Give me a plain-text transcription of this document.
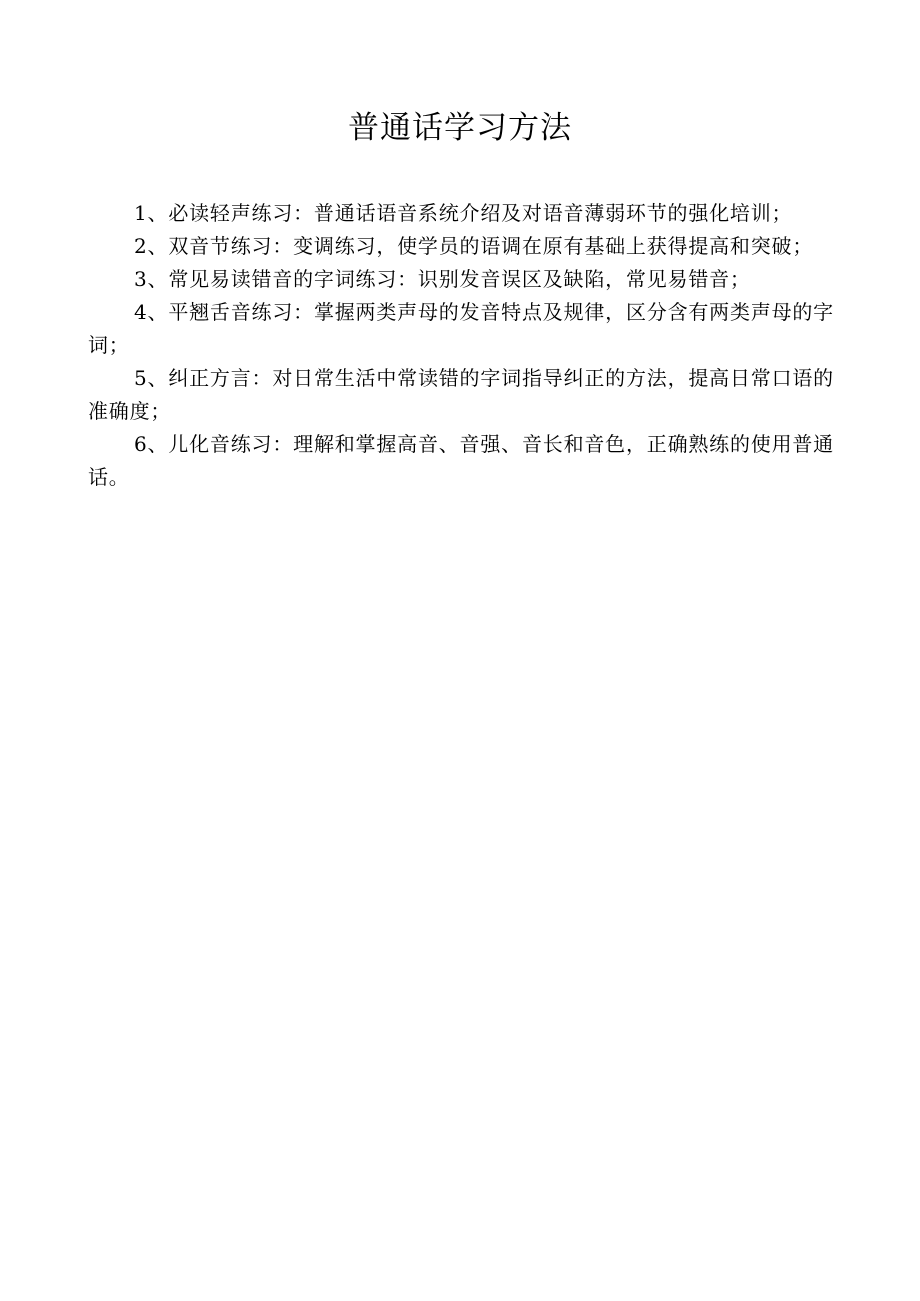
普通话学习方法

1、必读轻声练习：普通话语音系统介绍及对语音薄弱环节的强化培训；

2、双音节练习：变调练习，使学员的语调在原有基础上获得提高和突破；

3、常见易读错音的字词练习：识别发音误区及缺陷，常见易错音；

4、平翘舌音练习：掌握两类声母的发音特点及规律，区分含有两类声母的字词；

5、纠正方言：对日常生活中常读错的字词指导纠正的方法，提高日常口语的准确度；

6、儿化音练习：理解和掌握高音、音强、音长和音色，正确熟练的使用普通话。
